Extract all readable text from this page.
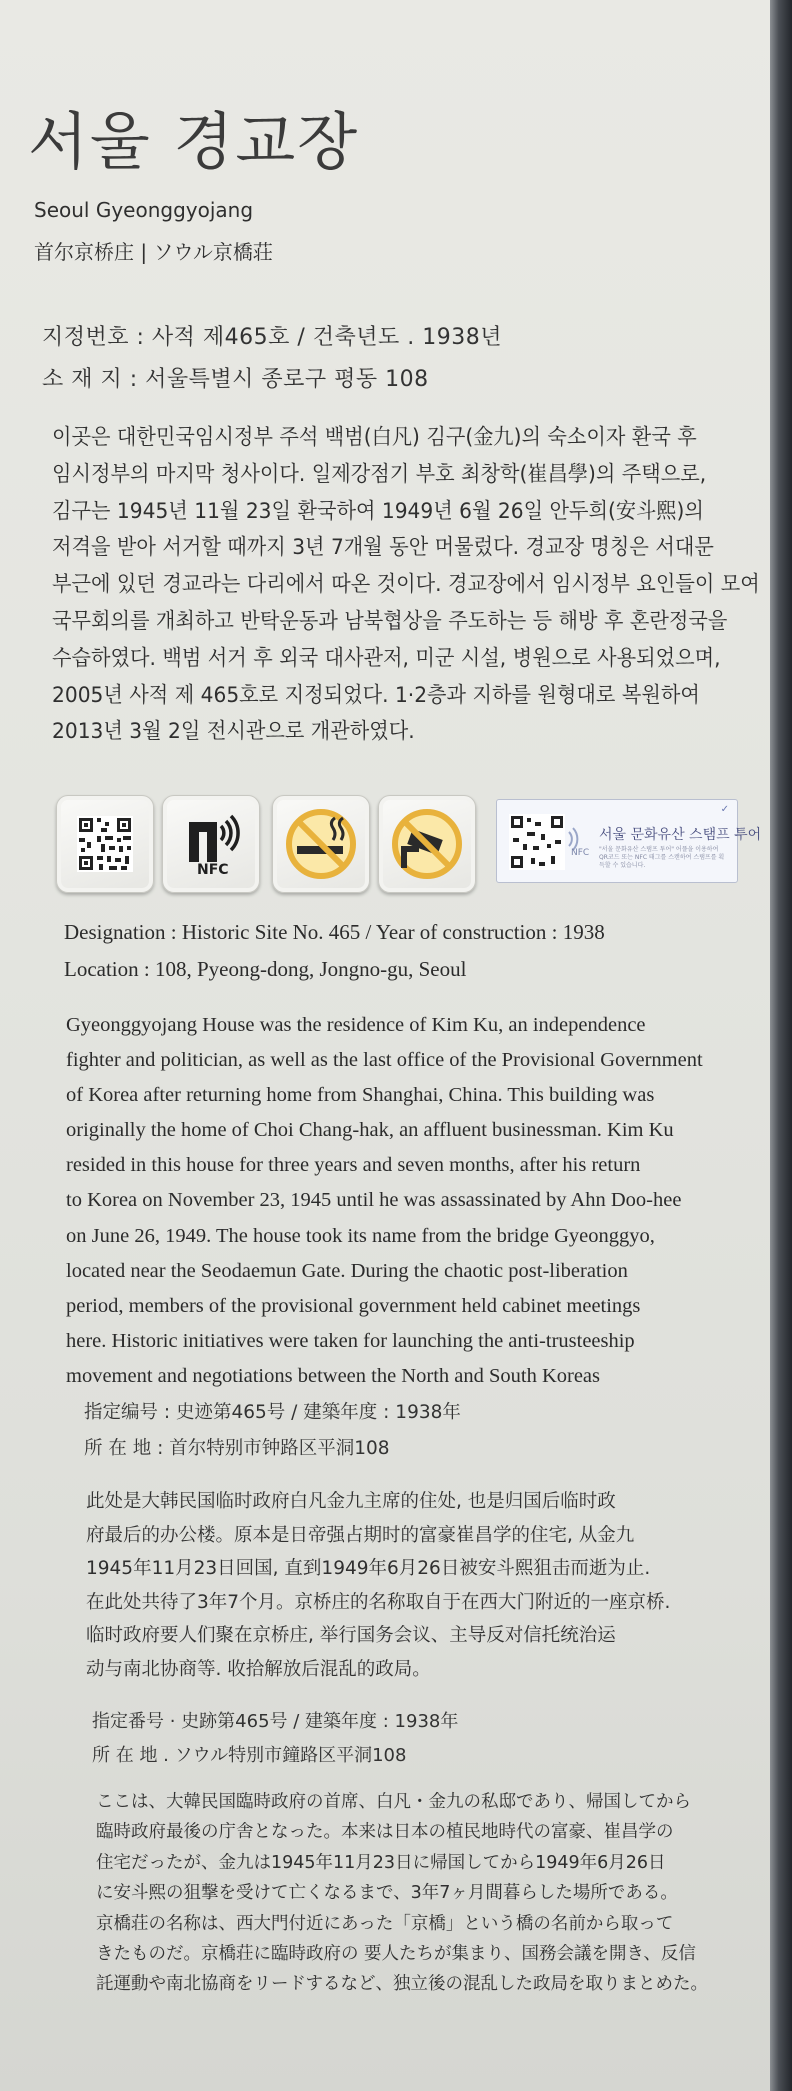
서울 경교장
Seoul Gyeonggyojang
首尔京桥庄 | ソウル京橋荘
지정번호 : 사적 제465호 / 건축년도 . 1938년
소 재 지 : 서울특별시 종로구 평동 108
이곳은 대한민국임시정부 주석 백범(白凡) 김구(金九)의 숙소이자 환국 후
임시정부의 마지막 청사이다. 일제강점기 부호 최창학(崔昌學)의 주택으로,
김구는 1945년 11월 23일 환국하여 1949년 6월 26일 안두희(安斗熙)의
저격을 받아 서거할 때까지 3년 7개월 동안 머물렀다. 경교장 명칭은 서대문
부근에 있던 경교라는 다리에서 따온 것이다. 경교장에서 임시정부 요인들이 모여
국무회의를 개최하고 반탁운동과 남북협상을 주도하는 등 해방 후 혼란정국을
수습하였다. 백범 서거 후 외국 대사관저, 미군 시설, 병원으로 사용되었으며,
2005년 사적 제 465호로 지정되었다. 1·2층과 지하를 원형대로 복원하여
2013년 3월 2일 전시관으로 개관하였다.
NFC
NFC
서울 문화유산 스탬프 투어
"서울 문화유산 스탬프 투어" 어플을 이용하여 QR코드 또는 NFC 태그를 스캔하여 스탬프를 획득할 수 있습니다.
✓
Designation : Historic Site No. 465 / Year of construction : 1938
Location : 108, Pyeong-dong, Jongno-gu, Seoul
Gyeonggyojang House was the residence of Kim Ku, an independence
fighter and politician, as well as the last office of the Provisional Government
of Korea after returning home from Shanghai, China. This building was
originally the home of Choi Chang-hak, an affluent businessman. Kim Ku
resided in this house for three years and seven months, after his return
to Korea on November 23, 1945 until he was assassinated by Ahn Doo-hee
on June 26, 1949. The house took its name from the bridge Gyeonggyo,
located near the Seodaemun Gate. During the chaotic post-liberation
period, members of the provisional government held cabinet meetings
here. Historic initiatives were taken for launching the anti-trusteeship
movement and negotiations between the North and South Koreas
指定编号 : 史迹第465号 / 建築年度 : 1938年
所 在 地 : 首尔特别市钟路区平洞108
此处是大韩民国临时政府白凡金九主席的住处, 也是归国后临时政
府最后的办公楼。原本是日帝强占期时的富豪崔昌学的住宅, 从金九
1945年11月23日回国, 直到1949年6月26日被安斗熙狙击而逝为止.
在此处共待了3年7个月。京桥庄的名称取自于在西大门附近的一座京桥.
临时政府要人们聚在京桥庄, 举行国务会议、主导反对信托统治运
动与南北协商等. 收拾解放后混乱的政局。
指定番号 · 史跡第465号 / 建築年度 : 1938年
所 在 地 . ソウル特別市鐘路区平洞108
ここは、大韓民国臨時政府の首席、白凡・金九の私邸であり、帰国してから
臨時政府最後の庁舎となった。本来は日本の植民地時代の富豪、崔昌学の
住宅だったが、金九は1945年11月23日に帰国してから1949年6月26日
に安斗熙の狙撃を受けて亡くなるまで、3年7ヶ月間暮らした場所である。
京橋荘の名称は、西大門付近にあった「京橋」という橋の名前から取って
きたものだ。京橋荘に臨時政府の 要人たちが集まり、国務会議を開き、反信
託運動や南北協商をリードするなど、独立後の混乱した政局を取りまとめた。
